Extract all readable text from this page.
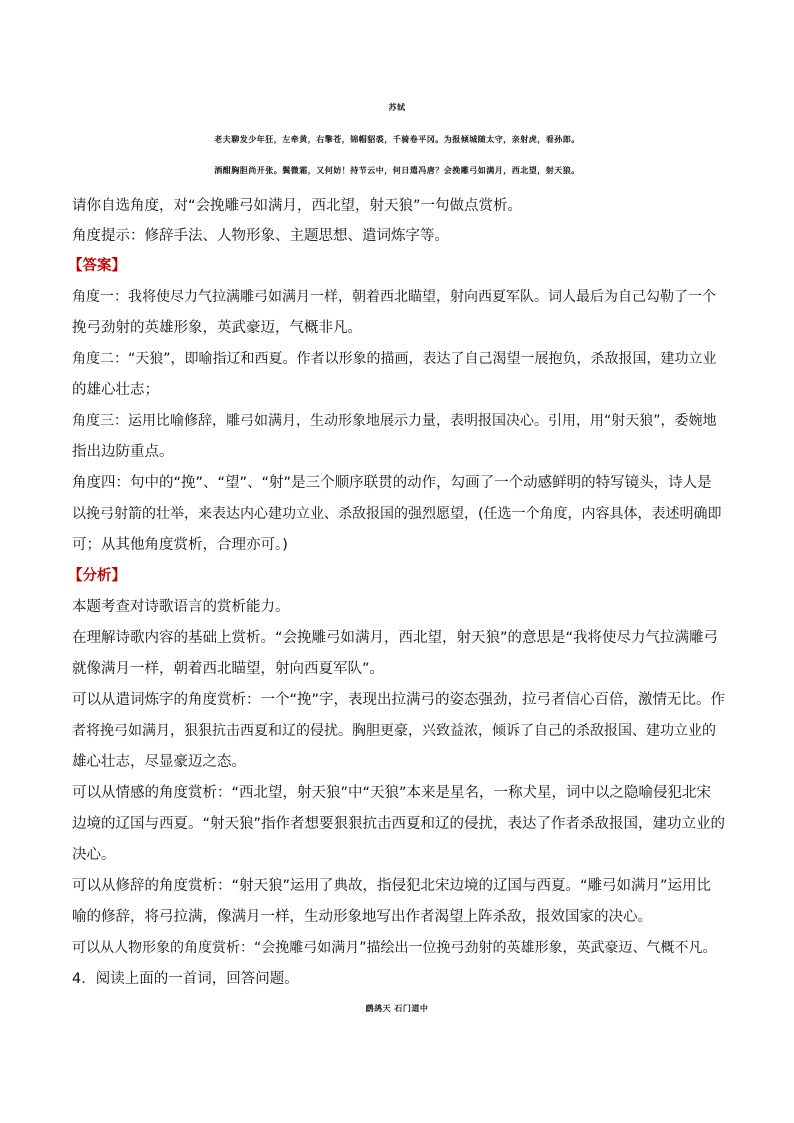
苏轼
老夫聊发少年狂，左牵黄，右擎苍，锦帽貂裘，千骑卷平冈。为报倾城随太守，亲射虎，看孙郎。
酒酣胸胆尚开张。鬓微霜，又何妨！持节云中，何日遣冯唐？会挽雕弓如满月，西北望，射天狼。
请你自选角度，对“会挽雕弓如满月，西北望，射天狼”一句做点赏析。
角度提示：修辞手法、人物形象、主题思想、遣词炼字等。
【答案】
角度一：我将使尽力气拉满雕弓如满月一样，朝着西北瞄望，射向西夏军队。词人最后为自己勾勒了一个
挽弓劲射的英雄形象，英武豪迈，气概非凡。
角度二：“天狼”，即喻指辽和西夏。作者以形象的描画，表达了自己渴望一展抱负，杀敌报国，建功立业
的雄心壮志；
角度三：运用比喻修辞，雕弓如满月，生动形象地展示力量，表明报国决心。引用，用“射天狼”，委婉地
指出边防重点。
角度四：句中的“挽”、“望”、“射”是三个顺序联贯的动作，勾画了一个动感鲜明的特写镜头，诗人是
以挽弓射箭的壮举，来表达内心建功立业、杀敌报国的强烈愿望，(任选一个角度，内容具体，表述明确即
可；从其他角度赏析，合理亦可。)
【分析】
本题考查对诗歌语言的赏析能力。
在理解诗歌内容的基础上赏析。“会挽雕弓如满月，西北望，射天狼”的意思是“我将使尽力气拉满雕弓
就像满月一样，朝着西北瞄望，射向西夏军队”。
可以从遣词炼字的角度赏析：一个“挽”字，表现出拉满弓的姿态强劲，拉弓者信心百倍，激情无比。作
者将挽弓如满月，狠狠抗击西夏和辽的侵扰。胸胆更豪，兴致益浓，倾诉了自己的杀敌报国、建功立业的
雄心壮志，尽显豪迈之态。
可以从情感的角度赏析：“西北望，射天狼”中“天狼”本来是星名，一称犬星，词中以之隐喻侵犯北宋
边境的辽国与西夏。“射天狼”指作者想要狠狠抗击西夏和辽的侵扰，表达了作者杀敌报国，建功立业的
决心。
可以从修辞的角度赏析：“射天狼”运用了典故，指侵犯北宋边境的辽国与西夏。“雕弓如满月”运用比
喻的修辞，将弓拉满，像满月一样，生动形象地写出作者渴望上阵杀敌，报效国家的决心。
可以从人物形象的角度赏析：“会挽雕弓如满月”描绘出一位挽弓劲射的英雄形象，英武豪迈、气概不凡。
4．阅读上面的一首词，回答问题。
鹧鸪天 石门道中
